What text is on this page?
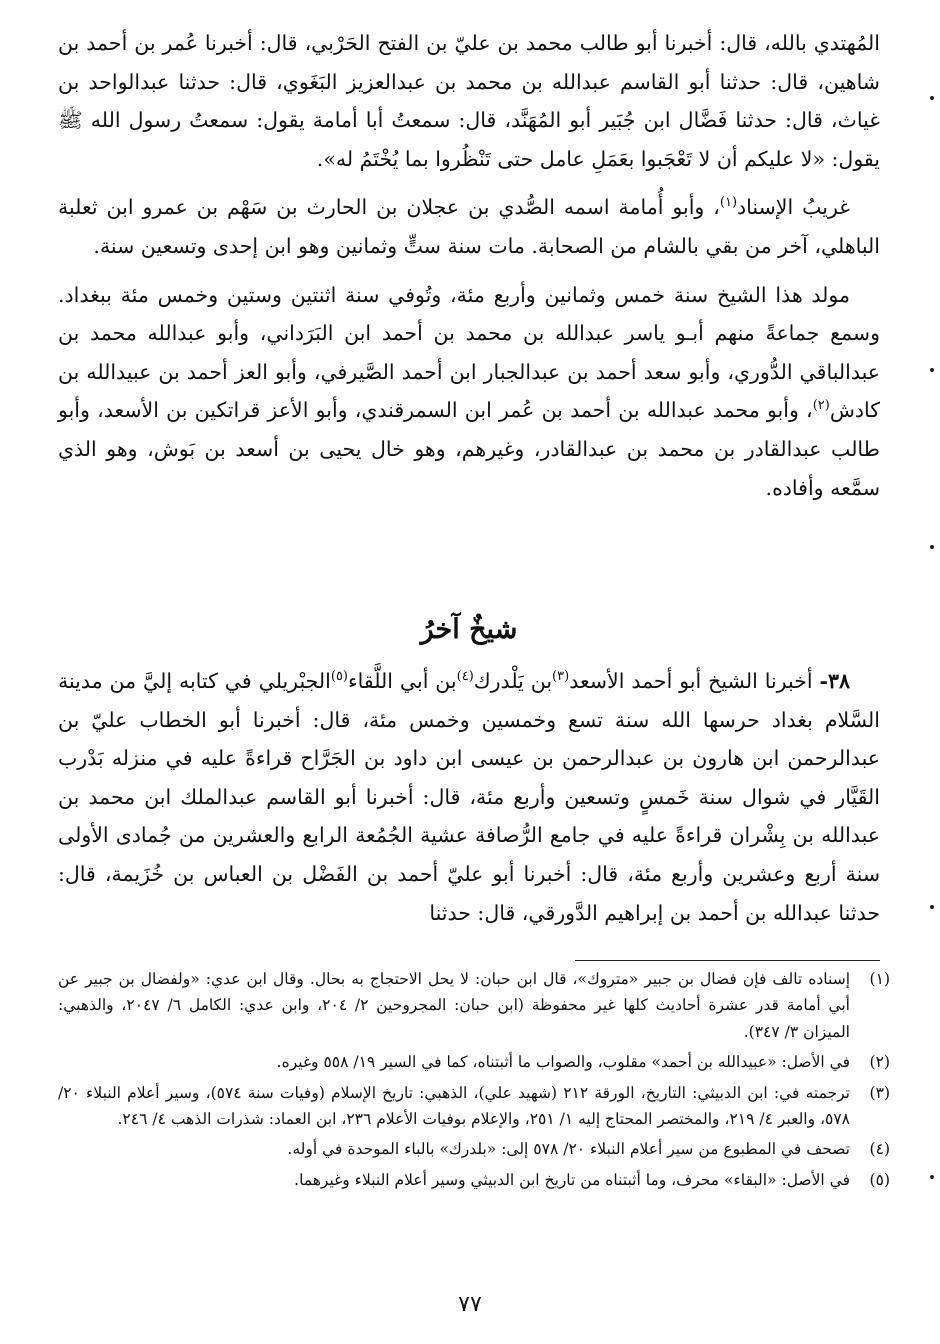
المُهتدي بالله، قال: أخبرنا أبو طالب محمد بن عليّ بن الفتح الحَرْبي، قال: أخبرنا عُمر بن أحمد بن شاهين، قال: حدثنا أبو القاسم عبدالله بن محمد بن عبدالعزيز البَغَوي، قال: حدثنا عبدالواحد بن غياث، قال: حدثنا فَضَّال ابن جُبَير أبو المُهَنَّد، قال: سمعتُ أبا أمامة يقول: سمعتُ رسول الله ﷺ يقول: «لا عليكم أن لا تَعْجَبوا بعَمَلِ عامل حتى تَنْظُروا بما يُخْتَمُ له».

غريبُ الإسناد$^{(١)}$، وأبو أُمامة اسمه الصُّدي بن عجلان بن الحارث بن سَهْم بن عمرو ابن ثعلبة الباهلي، آخر من بقي بالشام من الصحابة. مات سنة ستٍّ وثمانين وهو ابن إحدى وتسعين سنة.

مولد هذا الشيخ سنة خمس وثمانين وأربع مئة، وتُوفي سنة اثنتين وستين وخمس مئة ببغداد. وسمع جماعةً منهم أبـو ياسر عبدالله بن محمد بن أحمد ابن البَرَداني، وأبو عبدالله محمد بن عبدالباقي الدُّوري، وأبو سعد أحمد بن عبدالجبار ابن أحمد الصَّيرفي، وأبو العز أحمد بن عبيدالله بن كادش$^{(٢)}$، وأبو محمد عبدالله بن أحمد بن عُمر ابن السمرقندي، وأبو الأعز قراتكين بن الأسعد، وأبو طالب عبدالقادر بن محمد بن عبدالقادر، وغيرهم، وهو خال يحيى بن أسعد بن بَوش، وهو الذي سمَّعه وأفاده.

شيخٌ آخرُ

٣٨- أخبرنا الشيخ أبو أحمد الأسعد$^{(٣)}$بن يَلْدرك$^{(٤)}$بن أبي اللَّقاء$^{(٥)}$الجبْريلي في كتابه إليَّ من مدينة السَّلام بغداد حرسها الله سنة تسع وخمسين وخمس مئة، قال: أخبرنا أبو الخطاب عليّ بن عبدالرحمن ابن هارون بن عبدالرحمن بن عيسى ابن داود بن الجَرَّاح قراءةً عليه في منزله بَدْرب القَيَّار في شوال سنة خَمسٍ وتسعين وأربع مئة، قال: أخبرنا أبو القاسم عبدالملك ابن محمد بن عبدالله بن بِشْران قراءةً عليه في جامع الرُّصافة عشية الجُمُعة الرابع والعشرين من جُمادى الأولى سنة أربع وعشرين وأربع مئة، قال: أخبرنا أبو عليّ أحمد بن الفَضْل بن العباس بن خُزَيمة، قال: حدثنا عبدالله بن أحمد بن إبراهيم الدَّورقي، قال: حدثنا

(١)
إسناده تالف فإن فضال بن جبير «متروك»، قال ابن حبان: لا يحل الاحتجاج به بحال. وقال ابن عدي: «ولفضال بن جبير عن أبي أمامة قدر عشرة أحاديث كلها غير محفوظة (ابن حبان: المجروحين ٢/ ٢٠٤، وابن عدي: الكامل ٦/ ٢٠٤٧، والذهبي: الميزان ٣/ ٣٤٧).

(٢)
في الأصل: «عبيدالله بن أحمد» مقلوب، والصواب ما أثبتناه، كما في السير ١٩/ ٥٥٨ وغيره.

(٣)
ترجمته في: ابن الدبيثي: التاريخ، الورقة ٢١٢ (شهيد علي)، الذهبي: تاريخ الإسلام (وفيات سنة ٥٧٤)، وسير أعلام النبلاء ٢٠/ ٥٧٨، والعبر ٤/ ٢١٩، والمختصر المحتاج إليه ١/ ٢٥١، والإعلام بوفيات الأعلام ٢٣٦، ابن العماد: شذرات الذهب ٤/ ٢٤٦.

(٤)
تصحف في المطبوع من سير أعلام النبلاء ٢٠/ ٥٧٨ إلى: «بلدرك» بالباء الموحدة في أوله.

(٥)
في الأصل: «البقاء» محرف، وما أثبتناه من تاريخ ابن الدبيثي وسير أعلام النبلاء وغيرهما.

٧٧
